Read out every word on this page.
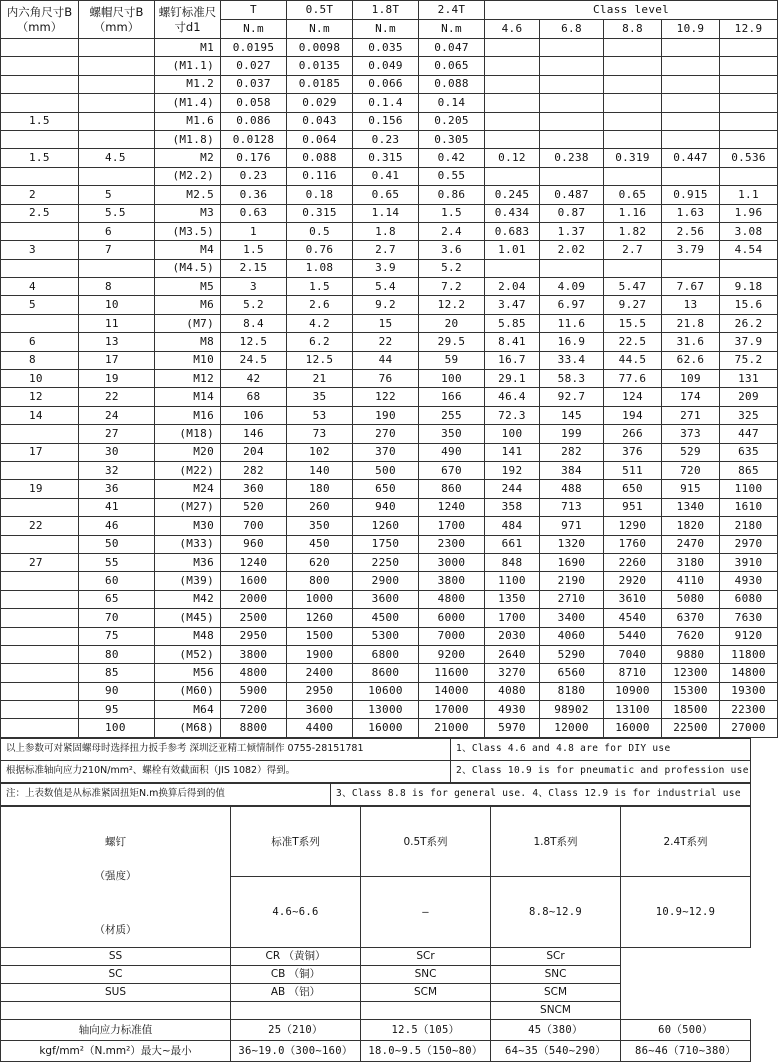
内六角尺寸B（mm）	螺帽尺寸B（mm）	螺钉标准尺寸d1	T	0.5T	1.8T	2.4T	Class level				
			N.m	N.m	N.m	N.m	4.6	6.8	8.8	10.9	12.9
		M1	0.0195	0.0098	0.035	0.047					
		(M1.1)	0.027	0.0135	0.049	0.065					
		M1.2	0.037	0.0185	0.066	0.088					
		(M1.4)	0.058	0.029	0.1.4	0.14					
1.5		M1.6	0.086	0.043	0.156	0.205					
		(M1.8)	0.0128	0.064	0.23	0.305					
1.5	4.5	M2	0.176	0.088	0.315	0.42	0.12	0.238	0.319	0.447	0.536
		(M2.2)	0.23	0.116	0.41	0.55					
2	5	M2.5	0.36	0.18	0.65	0.86	0.245	0.487	0.65	0.915	1.1
2.5	5.5	M3	0.63	0.315	1.14	1.5	0.434	0.87	1.16	1.63	1.96
	6	(M3.5)	1	0.5	1.8	2.4	0.683	1.37	1.82	2.56	3.08
3	7	M4	1.5	0.76	2.7	3.6	1.01	2.02	2.7	3.79	4.54
		(M4.5)	2.15	1.08	3.9	5.2					
4	8	M5	3	1.5	5.4	7.2	2.04	4.09	5.47	7.67	9.18
5	10	M6	5.2	2.6	9.2	12.2	3.47	6.97	9.27	13	15.6
	11	(M7)	8.4	4.2	15	20	5.85	11.6	15.5	21.8	26.2
6	13	M8	12.5	6.2	22	29.5	8.41	16.9	22.5	31.6	37.9
8	17	M10	24.5	12.5	44	59	16.7	33.4	44.5	62.6	75.2
10	19	M12	42	21	76	100	29.1	58.3	77.6	109	131
12	22	M14	68	35	122	166	46.4	92.7	124	174	209
14	24	M16	106	53	190	255	72.3	145	194	271	325
	27	(M18)	146	73	270	350	100	199	266	373	447
17	30	M20	204	102	370	490	141	282	376	529	635
	32	(M22)	282	140	500	670	192	384	511	720	865
19	36	M24	360	180	650	860	244	488	650	915	1100
	41	(M27)	520	260	940	1240	358	713	951	1340	1610
22	46	M30	700	350	1260	1700	484	971	1290	1820	2180
	50	(M33)	960	450	1750	2300	661	1320	1760	2470	2970
27	55	M36	1240	620	2250	3000	848	1690	2260	3180	3910
	60	(M39)	1600	800	2900	3800	1100	2190	2920	4110	4930
	65	M42	2000	1000	3600	4800	1350	2710	3610	5080	6080
	70	(M45)	2500	1260	4500	6000	1700	3400	4540	6370	7630
	75	M48	2950	1500	5300	7000	2030	4060	5440	7620	9120
	80	(M52)	3800	1900	6800	9200	2640	5290	7040	9880	11800
	85	M56	4800	2400	8600	11600	3270	6560	8710	12300	14800
	90	(M60)	5900	2950	10600	14000	4080	8180	10900	15300	19300
	95	M64	7200	3600	13000	17000	4930	98902	13100	18500	22300
	100	(M68)	8800	4400	16000	21000	5970	12000	16000	22500	27000
以上参数可对紧固螺母时选择扭力扳手参考 深圳泛亚精工倾情制作 0755-28151781	1、Class 4.6 and 4.8 are for DIY use
根据标准轴向应力210N/mm²、螺栓有效截面积（JIS 1082）得到。	2、Class 10.9 is for pneumatic and profession use
注：上表数值是从标准紧固扭矩N.m换算后得到的值	3、Class 8.8 is for general use. 4、Class 12.9 is for industrial use
螺钉
（强度）
（材质）	标准T系列	0.5T系列	1.8T系列	2.4T系列
	4.6~6.6	—	8.8~12.9	10.9~12.9
SS	CR （黄铜）	SCr	SCr	
SC	CB （铜）	SNC	SNC	
SUS	AB （铝）	SCM	SCM	
			SNCM	
轴向应力标准值	25（210）	12.5（105）	45（380）	60（500）
kgf/mm²（N.mm²）最大~最小	36~19.0（300~160）	18.0~9.5（150~80）	64~35（540~290）	86~46（710~380）
